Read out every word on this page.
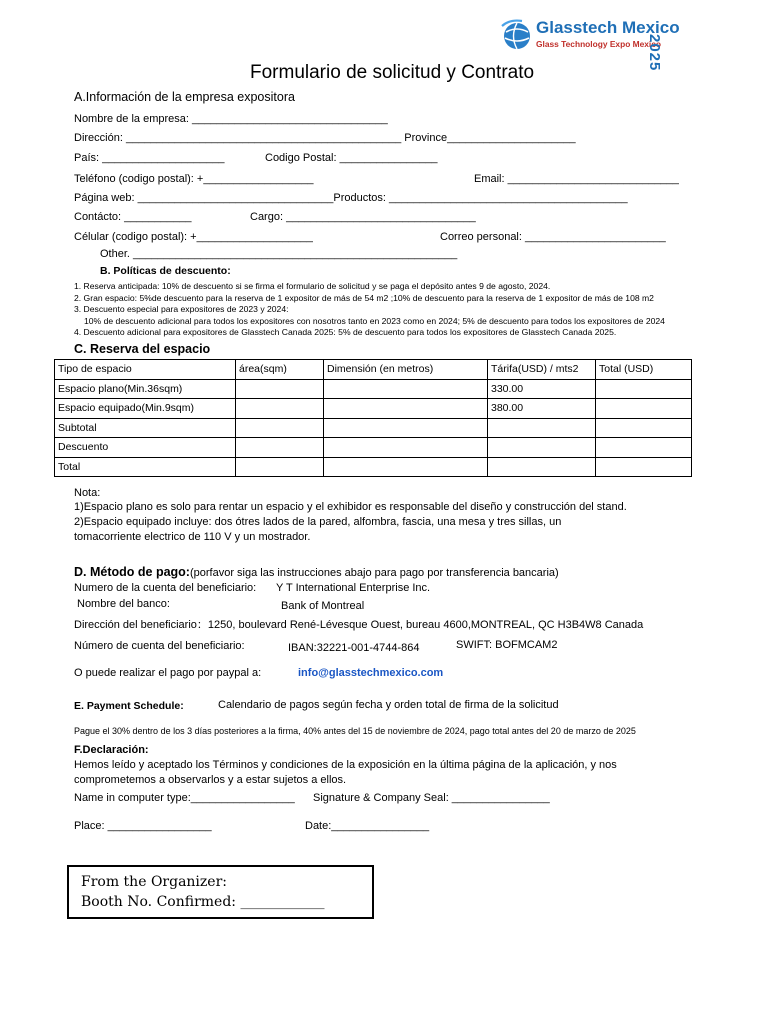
Glasstech Mexico
Glass Technology Expo Mexico
2025
Formulario de solicitud y Contrato
A.Información de la empresa expositora
Nombre de la empresa: ________________________________
Dirección: _____________________________________________ Province_____________________
País: ____________________	Codigo Postal: ________________
Teléfono (codigo postal): +__________________	Email: ____________________________
Página web: ________________________________Productos: _______________________________________
Contácto: ___________	Cargo: _______________________________
Célular (codigo postal): +___________________	Correo personal: _______________________
Other. _____________________________________________________
B. Políticas de descuento:
1. Reserva anticipada: 10% de descuento si se firma el formulario de solicitud y se paga el depósito antes 9 de agosto, 2024.
2. Gran espacio: 5%de descuento para la reserva de 1 expositor de más de 54 m2 ;10% de descuento para la reserva de 1 expositor de más de 108 m2
3. Descuento especial para expositores de 2023 y 2024:
10% de descuento adicional para todos los expositores con nosotros tanto en 2023 como en 2024; 5% de descuento para todos los expositores de 2024
4. Descuento adicional para expositores de Glasstech Canada 2025: 5% de descuento para todos los expositores de Glasstech Canada 2025.
C. Reserva del espacio
Tipo de espacio	área(sqm)	Dimensión (en metros)	Tárifa(USD) / mts2	Total (USD)
Espacio plano(Min.36sqm)			330.00	
Espacio equipado(Min.9sqm)			380.00	
Subtotal				
Descuento				
Total				
Nota:
1)Espacio plano es solo para rentar un espacio y el exhibidor es responsable del diseño y construcción del stand.
2)Espacio equipado incluye: dos ótres lados de la pared, alfombra, fascia, una mesa y tres sillas, un
tomacorriente electrico de 110 V y un mostrador.
D. Método de pago:(porfavor siga las instrucciones abajo para pago por transferencia bancaria)
Numero de la cuenta del beneficiario: Y T International Enterprise Inc.
Nombre del banco:	Bank of Montreal
Dirección del beneficiario：1250, boulevard René-Lévesque Ouest, bureau 4600,MONTREAL, QC H3B4W8 Canada
Número de cuenta del beneficiario:	IBAN:32221-001-4744-864	SWIFT: BOFMCAM2
O puede realizar el pago por paypal a:	info@glasstechmexico.com
E. Payment Schedule:	Calendario de pagos según fecha y orden total de firma de la solicitud
Pague el 30% dentro de los 3 días posteriores a la firma, 40% antes del 15 de noviembre de 2024, pago total antes del 20 de marzo de 2025
F.Declaración:
Hemos leído y aceptado los Términos y condiciones de la exposición en la última página de la aplicación, y nos
comprometemos a observarlos y a estar sujetos a ellos.
Name in computer type:_________________ Signature & Company Seal: ________________
Place: _________________	Date:________________
From the Organizer:
Booth No. Confirmed: ____________
